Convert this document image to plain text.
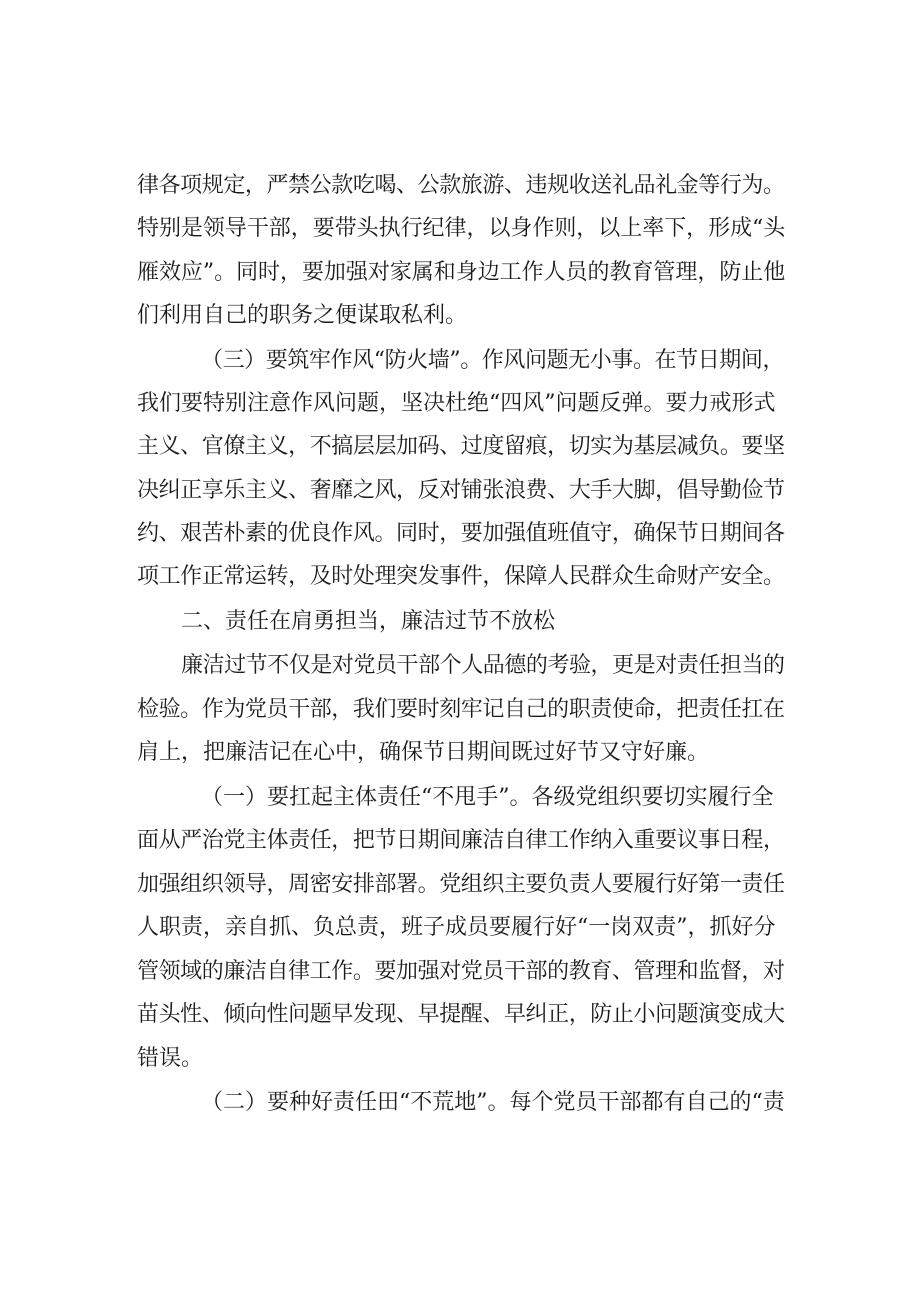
律各项规定，严禁公款吃喝、公款旅游、违规收送礼品礼金等行为。
特别是领导干部，要带头执行纪律，以身作则，以上率下，形成“头
雁效应”。同时，要加强对家属和身边工作人员的教育管理，防止他
们利用自己的职务之便谋取私利。
（三）要筑牢作风“防火墙”。作风问题无小事。在节日期间，
我们要特别注意作风问题，坚决杜绝“四风”问题反弹。要力戒形式
主义、官僚主义，不搞层层加码、过度留痕，切实为基层减负。要坚
决纠正享乐主义、奢靡之风，反对铺张浪费、大手大脚，倡导勤俭节
约、艰苦朴素的优良作风。同时，要加强值班值守，确保节日期间各
项工作正常运转，及时处理突发事件，保障人民群众生命财产安全。
二、责任在肩勇担当，廉洁过节不放松
廉洁过节不仅是对党员干部个人品德的考验，更是对责任担当的
检验。作为党员干部，我们要时刻牢记自己的职责使命，把责任扛在
肩上，把廉洁记在心中，确保节日期间既过好节又守好廉。
（一）要扛起主体责任“不甩手”。各级党组织要切实履行全
面从严治党主体责任，把节日期间廉洁自律工作纳入重要议事日程，
加强组织领导，周密安排部署。党组织主要负责人要履行好第一责任
人职责，亲自抓、负总责，班子成员要履行好“一岗双责”，抓好分
管领域的廉洁自律工作。要加强对党员干部的教育、管理和监督，对
苗头性、倾向性问题早发现、早提醒、早纠正，防止小问题演变成大
错误。
（二）要种好责任田“不荒地”。每个党员干部都有自己的“责
